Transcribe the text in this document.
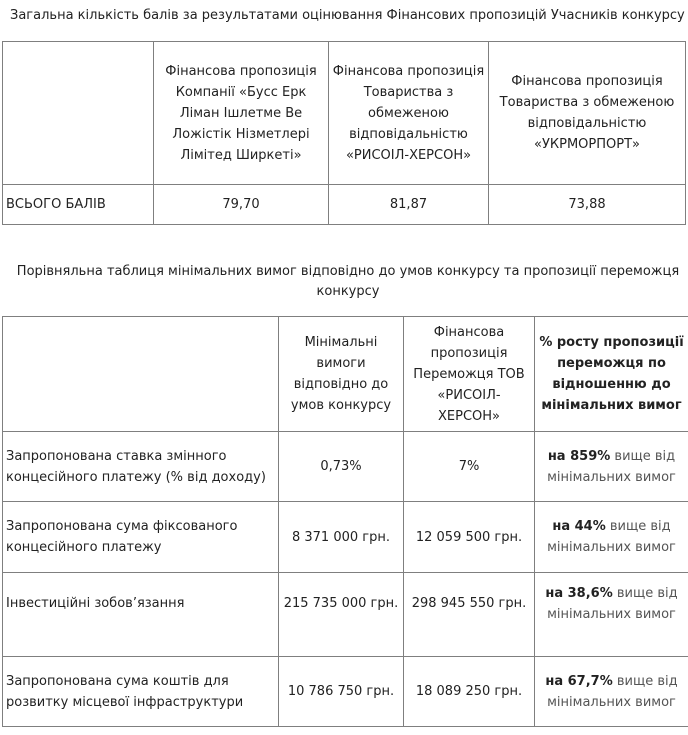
Загальна кількість балів за результатами оцінювання Фінансових пропозицій Учасників конкурсу
	Фінансова пропозиція Компанії «Бусс Ерк Ліман Ішлетме Ве Ложістік Нізметлері Лімітед Ширкеті»	Фінансова пропозиція Товариства з обмеженою відповідальністю «РИСОІЛ-ХЕРСОН»	Фінансова пропозиція Товариства з обмеженою відповідальністю «УКРМОРПОРТ»
ВСЬОГО БАЛІВ	79,70	81,87	73,88
Порівняльна таблиця мінімальних вимог відповідно до умов конкурсу та пропозиції переможця конкурсу
	Мінімальні вимоги відповідно до умов конкурсу	Фінансова пропозиція Переможця ТОВ «РИСОІЛ-ХЕРСОН»	% росту пропозиції переможця по відношенню до мінімальних вимог
Запропонована ставка змінного концесійного платежу (% від доходу)	0,73%	7%	на 859% вище від мінімальних вимог
Запропонована сума фіксованого концесійного платежу	8 371 000 грн.	12 059 500 грн.	на 44% вище від мінімальних вимог
Інвестиційні зобов’язання	215 735 000 грн.	298 945 550 грн.	на 38,6% вище від мінімальних вимог
Запропонована сума коштів для розвитку місцевої інфраструктури	10 786 750 грн.	18 089 250 грн.	на 67,7% вище від мінімальних вимог
